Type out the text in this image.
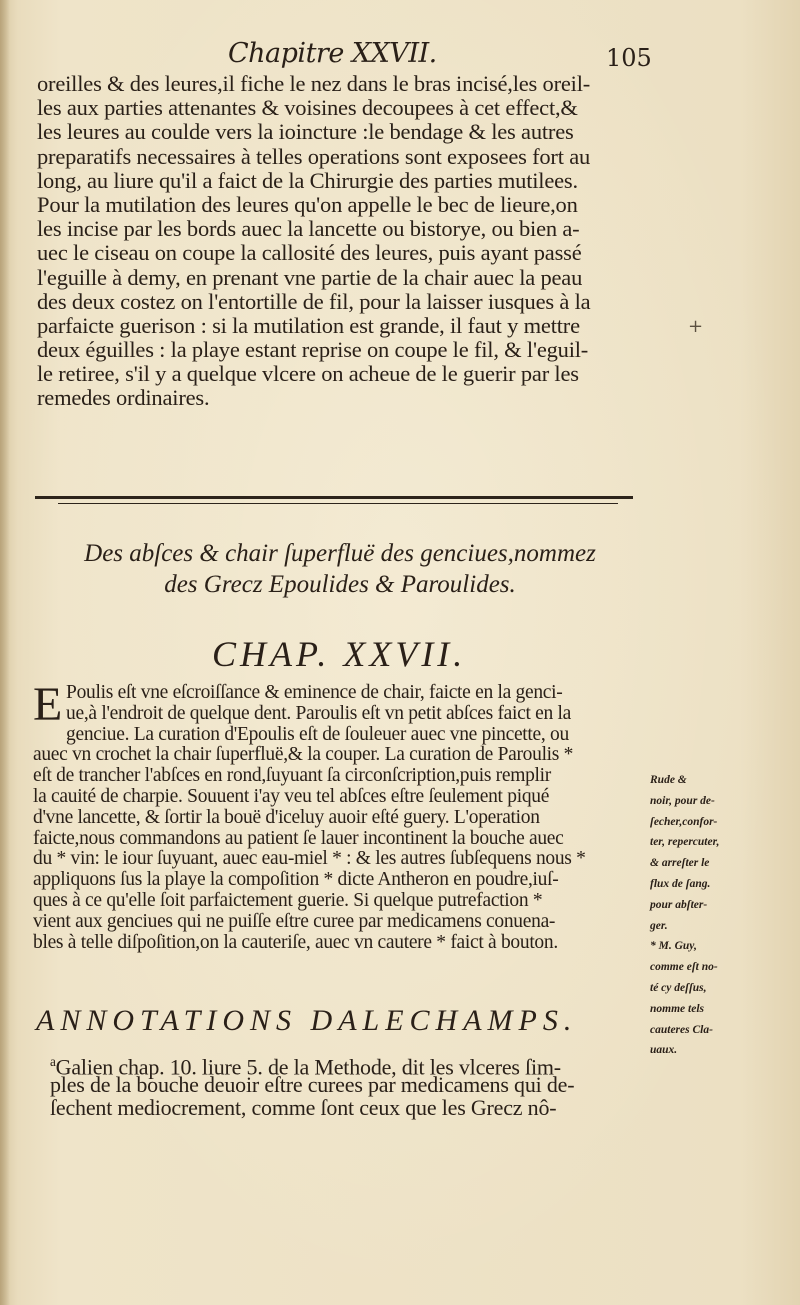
Chapitre XXVII.	105
oreilles & des leures,il fiche le nez dans le bras incisé,les oreil-
les aux parties attenantes & voisines decoupees à cet effect,&
les leures au coulde vers la ioincture :le bendage & les autres
preparatifs necessaires à telles operations sont exposees fort au
long, au liure qu'il a faict de la Chirurgie des parties mutilees.
Pour la mutilation des leures qu'on appelle le bec de lieure,on
les incise par les bords auec la lancette ou bistorye, ou bien a-
uec le ciseau on coupe la callosité des leures, puis ayant passé
l'eguille à demy, en prenant vne partie de la chair auec la peau
des deux costez on l'entortille de fil, pour la laisser iusques à la
parfaicte guerison : si la mutilation est grande, il faut y mettre
deux éguilles : la playe estant reprise on coupe le fil, & l'eguil-
le retiree, s'il y a quelque vlcere on acheue de le guerir par les
remedes ordinaires.
+
Des abſces & chair ſuperfluë des genciues,nommez
des Grecz Epoulides & Paroulides.
CHAP. XXVII.
E Poulis eſt vne eſcroiſſance & eminence de chair, faicte en la genci-
ue,à l'endroit de quelque dent. Paroulis eſt vn petit abſces faict en la
genciue. La curation d'Epoulis eſt de ſouleuer auec vne pincette, ou
auec vn crochet la chair ſuperfluë,& la couper. La curation de Paroulis *
eſt de trancher l'abſces en rond,ſuyuant ſa circonſcription,puis remplir
la cauité de charpie. Souuent i'ay veu tel abſces eſtre ſeulement piqué
d'vne lancette, & ſortir la bouë d'iceluy auoir eſté guery. L'operation
faicte,nous commandons au patient ſe lauer incontinent la bouche auec
du * vin: le iour ſuyuant, auec eau-miel * : & les autres ſubſequens nous *
appliquons ſus la playe la compoſition * dicte Antheron en poudre,iuſ-
ques à ce qu'elle ſoit parfaictement guerie. Si quelque putrefaction *
vient aux genciues qui ne puiſſe eſtre curee par medicamens conuena-
bles à telle diſpoſition,on la cauteriſe, auec vn cautere * faict à bouton.
Rude &
noir, pour de-
ſecher,confor-
ter, repercuter,
& arreſter le
flux de ſang.
pour abſter-
ger.
* M. Guy,
comme eſt no-
té cy deſſus,
nomme tels
cauteres Cla-
uaux.
ANNOTATIONS DALECHAMPS.
$^a$Galien chap. 10. liure 5. de la Methode, dit les vlceres ſim-
ples de la bouche deuoir eſtre curees par medicamens qui de-
ſechent mediocrement, comme ſont ceux que les Grecz nô-
